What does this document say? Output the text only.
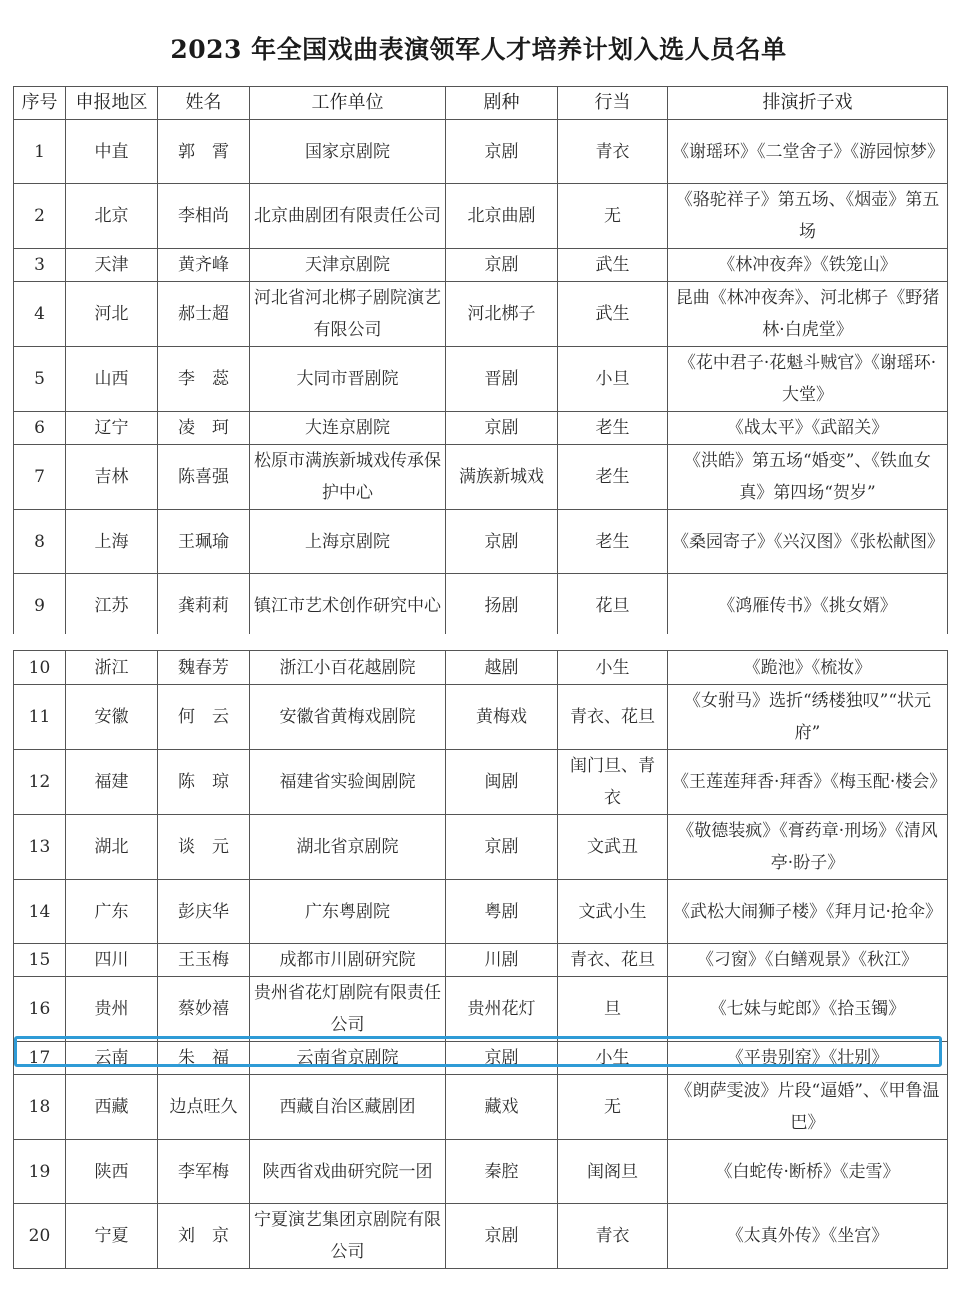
2023 年全国戏曲表演领军人才培养计划入选人员名单
序号	申报地区	姓名	工作单位	剧种	行当	排演折子戏
1	中直	郭　霄	国家京剧院	京剧	青衣	《谢瑶环》《二堂舍子》《游园惊梦》
2	北京	李相尚	北京曲剧团有限责任公司	北京曲剧	无	《骆驼祥子》第五场、《烟壶》第五场
3	天津	黄齐峰	天津京剧院	京剧	武生	《林冲夜奔》《铁笼山》
4	河北	郝士超	河北省河北梆子剧院演艺有限公司	河北梆子	武生	昆曲《林冲夜奔》、河北梆子《野猪林·白虎堂》
5	山西	李　蕊	大同市晋剧院	晋剧	小旦	《花中君子·花魁斗贼官》《谢瑶环·大堂》
6	辽宁	凌　珂	大连京剧院	京剧	老生	《战太平》《武韶关》
7	吉林	陈喜强	松原市满族新城戏传承保护中心	满族新城戏	老生	《洪皓》第五场“婚变”、《铁血女真》第四场“贺岁”
8	上海	王珮瑜	上海京剧院	京剧	老生	《桑园寄子》《兴汉图》《张松献图》
9	江苏	龚莉莉	镇江市艺术创作研究中心	扬剧	花旦	《鸿雁传书》《挑女婿》
10	浙江	魏春芳	浙江小百花越剧院	越剧	小生	《跪池》《梳妆》
11	安徽	何　云	安徽省黄梅戏剧院	黄梅戏	青衣、花旦	《女驸马》选折“绣楼独叹”“状元府”
12	福建	陈　琼	福建省实验闽剧院	闽剧	闺门旦、青衣	《王莲莲拜香·拜香》《梅玉配·楼会》
13	湖北	谈　元	湖北省京剧院	京剧	文武丑	《敬德装疯》《膏药章·刑场》《清风亭·盼子》
14	广东	彭庆华	广东粤剧院	粤剧	文武小生	《武松大闹狮子楼》《拜月记·抢伞》
15	四川	王玉梅	成都市川剧研究院	川剧	青衣、花旦	《刁窗》《白鳝观景》《秋江》
16	贵州	蔡妙禧	贵州省花灯剧院有限责任公司	贵州花灯	旦	《七妹与蛇郎》《拾玉镯》
17	云南	朱　福	云南省京剧院	京剧	小生	《平贵别窑》《壮别》
18	西藏	边点旺久	西藏自治区藏剧团	藏戏	无	《朗萨雯波》片段“逼婚”、《甲鲁温巴》
19	陕西	李军梅	陕西省戏曲研究院一团	秦腔	闺阁旦	《白蛇传·断桥》《走雪》
20	宁夏	刘　京	宁夏演艺集团京剧院有限公司	京剧	青衣	《太真外传》《坐宫》
